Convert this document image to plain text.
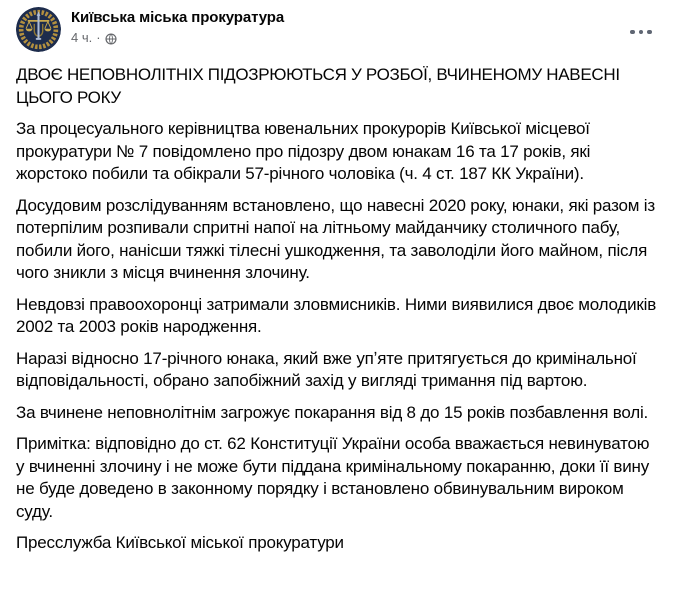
Київська міська прокуратура
4 ч. ·

ДВОЄ НЕПОВНОЛІТНІХ ПІДОЗРЮЮТЬСЯ У РОЗБОЇ, ВЧИНЕНОМУ НАВЕСНІ ЦЬОГО РОКУ

За процесуального керівництва ювенальних прокурорів Київської місцевої прокуратури № 7 повідомлено про підозру двом юнакам 16 та 17 років, які жорстоко побили та обікрали 57-річного чоловіка (ч. 4 ст. 187 КК України).

Досудовим розслідуванням встановлено, що навесні 2020 року, юнаки, які разом із потерпілим розпивали спритні напої на літньому майданчику столичного пабу, побили його, нанісши тяжкі тілесні ушкодження, та заволоділи його майном, після чого зникли з місця вчинення злочину.

Невдовзі правоохоронці затримали зловмисників. Ними виявилися двоє молодиків 2002 та 2003 років народження.

Наразі відносно 17-річного юнака, який вже упʼяте притягується до кримінальної відповідальності, обрано запобіжний захід у вигляді тримання під вартою.

За вчинене неповнолітнім загрожує покарання від 8 до 15 років позбавлення волі.

Примітка: відповідно до ст. 62 Конституції України особа вважається невинуватою у вчиненні злочину і не може бути піддана кримінальному покаранню, доки її вину не буде доведено в законному порядку і встановлено обвинувальним вироком суду.

Пресслужба Київської міської прокуратури
